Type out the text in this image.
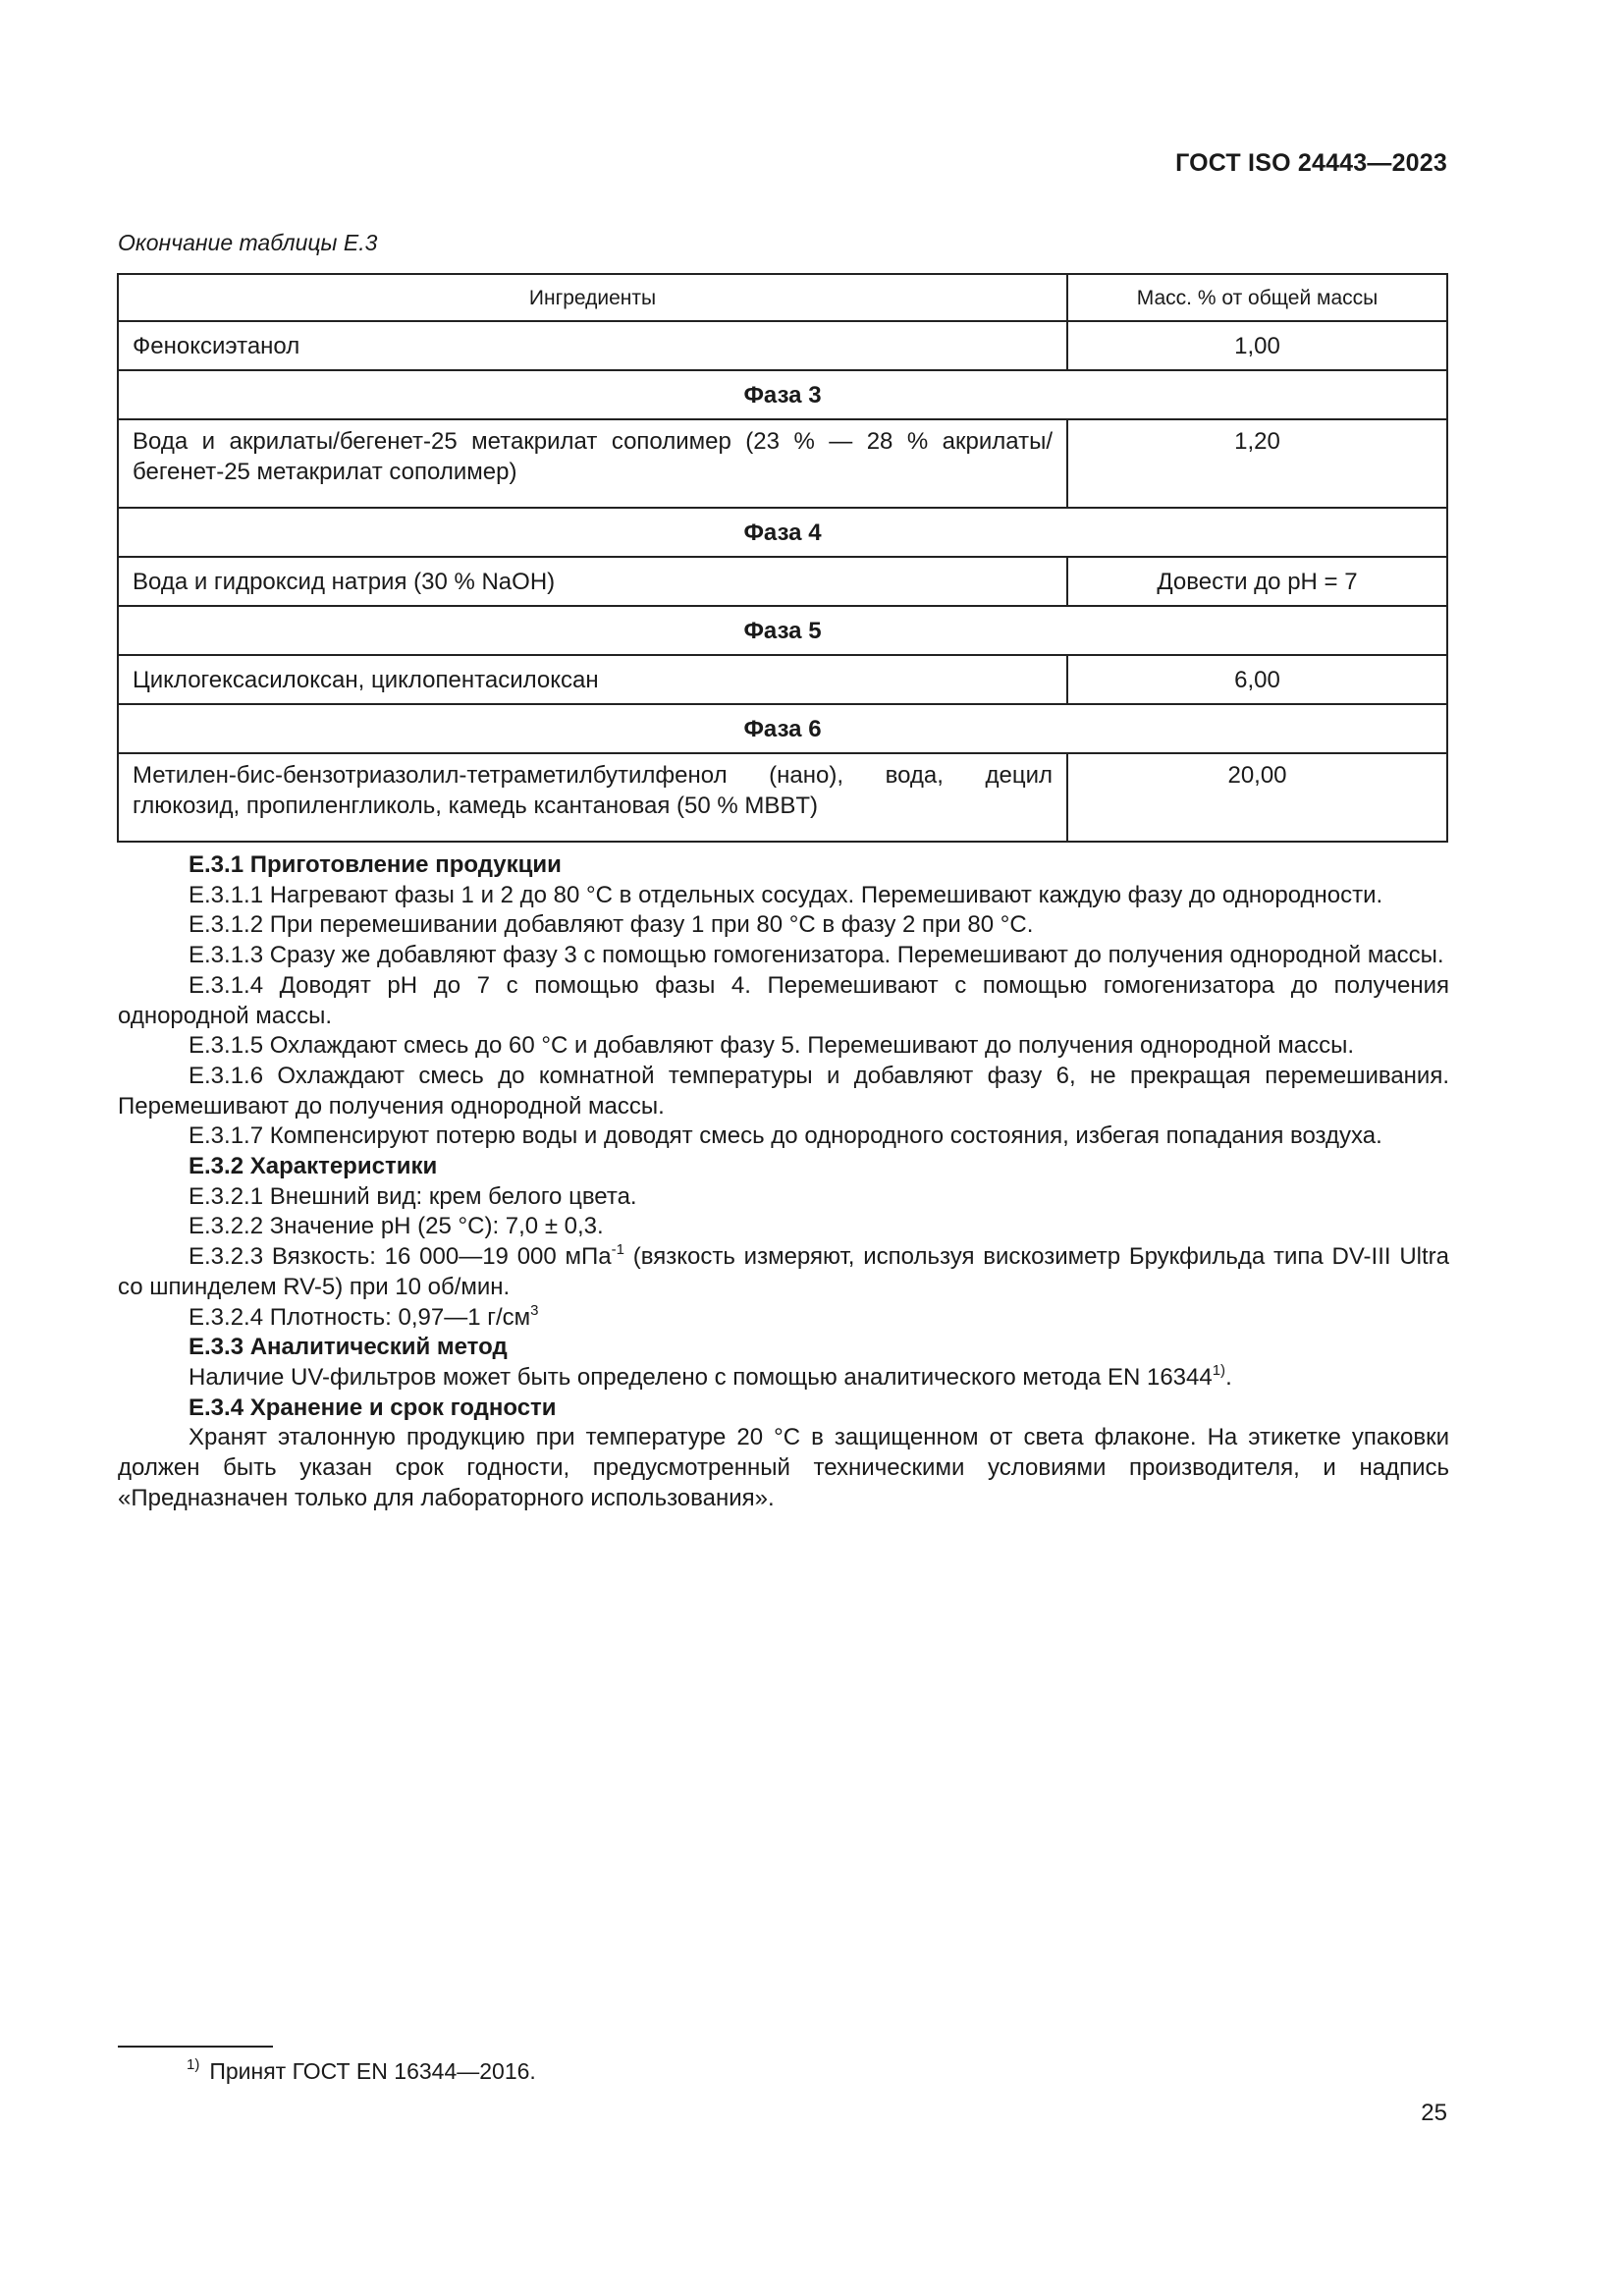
ГОСТ ISO 24443—2023
Окончание таблицы Е.3
Ингредиенты	Масс. % от общей массы
Феноксиэтанол	1,00
Фаза 3	
Вода и акрилаты/бегенет-25 метакрилат сополимер (23 % — 28 % акрилаты/бегенет-25 метакрилат сополимер)	1,20
Фаза 4	
Вода и гидроксид натрия (30 % NaOH)	Довести до pH = 7
Фаза 5	
Циклогексасилоксан, циклопентасилоксан	6,00
Фаза 6	
Метилен-бис-бензотриазолил-тетраметилбутилфенол (нано), вода, децил глюкозид, пропиленгликоль, камедь ксантановая (50 % MBBT)	20,00

Е.3.1 Приготовление продукции

Е.3.1.1 Нагревают фазы 1 и 2 до 80 °С в отдельных сосудах. Перемешивают каждую фазу до однородности.

Е.3.1.2 При перемешивании добавляют фазу 1 при 80 °С в фазу 2 при 80 °С.

Е.3.1.3 Сразу же добавляют фазу 3 с помощью гомогенизатора. Перемешивают до получения однородной массы.

Е.3.1.4 Доводят pH до 7 с помощью фазы 4. Перемешивают с помощью гомогенизатора до получения однородной массы.

Е.3.1.5 Охлаждают смесь до 60 °С и добавляют фазу 5. Перемешивают до получения однородной массы.

Е.3.1.6 Охлаждают смесь до комнатной температуры и добавляют фазу 6, не прекращая перемешивания. Перемешивают до получения однородной массы.

Е.3.1.7 Компенсируют потерю воды и доводят смесь до однородного состояния, избегая попадания воздуха.

Е.3.2 Характеристики

Е.3.2.1 Внешний вид: крем белого цвета.

Е.3.2.2 Значение pH (25 °С): 7,0 ± 0,3.

Е.3.2.3 Вязкость: 16 000—19 000 мПа$^{-1}$ (вязкость измеряют, используя вискозиметр Брукфильда типа DV-III Ultra со шпинделем RV-5) при 10 об/мин.

Е.3.2.4 Плотность: 0,97—1 $г/см^3$

Е.3.3 Аналитический метод

Наличие UV-фильтров может быть определено с помощью аналитического метода EN 16344$^{1)}$.

Е.3.4 Хранение и срок годности

Хранят эталонную продукцию при температуре 20 °С в защищенном от света флаконе. На этикетке упаковки должен быть указан срок годности, предусмотренный техническими условиями производителя, и надпись «Предназначен только для лабораторного использования».

$^{1)}$ Принят ГОСТ EN 16344—2016.
25
